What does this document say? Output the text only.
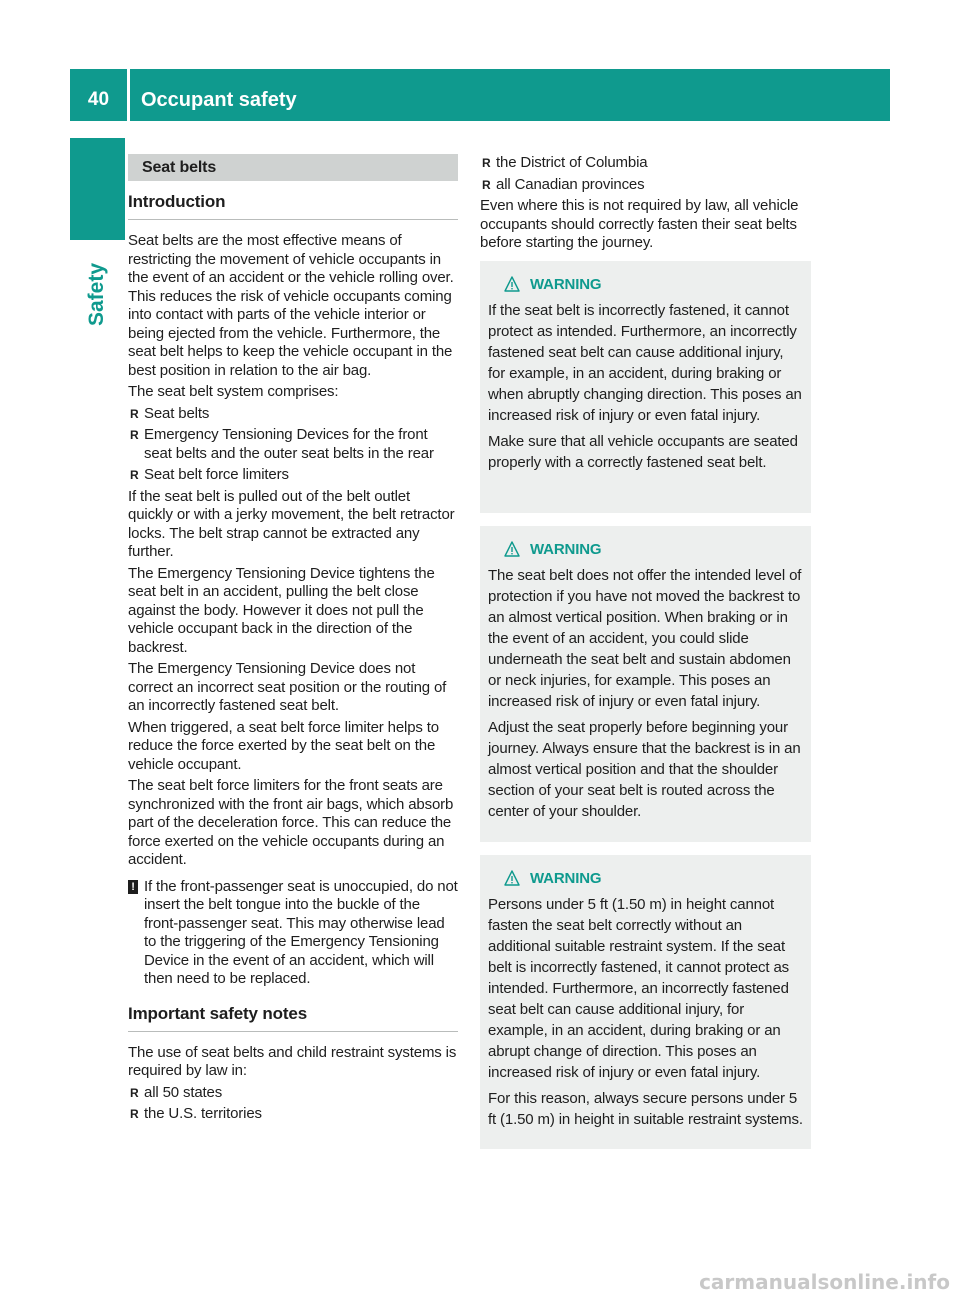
40	Occupant safety
Safety
Seat belts
Introduction

Seat belts are the most effective means of restricting the movement of vehicle occupants in the event of an accident or the vehicle rolling over. This reduces the risk of vehicle occupants coming into contact with parts of the vehicle interior or being ejected from the vehicle. Furthermore, the seat belt helps to keep the vehicle occupant in the best position in relation to the air bag.

The seat belt system comprises:

R Seat belts
R Emergency Tensioning Devices for the front seat belts and the outer seat belts in the rear
R Seat belt force limiters

If the seat belt is pulled out of the belt outlet quickly or with a jerky movement, the belt retractor locks. The belt strap cannot be extracted any further.

The Emergency Tensioning Device tightens the seat belt in an accident, pulling the belt close against the body. However it does not pull the vehicle occupant back in the direction of the backrest.

The Emergency Tensioning Device does not correct an incorrect seat position or the routing of an incorrectly fastened seat belt.

When triggered, a seat belt force limiter helps to reduce the force exerted by the seat belt on the vehicle occupant.

The seat belt force limiters for the front seats are synchronized with the front air bags, which absorb part of the deceleration force. This can reduce the force exerted on the vehicle occupants during an accident.

! If the front-passenger seat is unoccupied, do not insert the belt tongue into the buckle of the front-passenger seat. This may otherwise lead to the triggering of the Emergency Tensioning Device in the event of an accident, which will then need to be replaced.
Important safety notes

The use of seat belts and child restraint systems is required by law in:

R all 50 states
R the U.S. territories
R the District of Columbia
R all Canadian provinces

Even where this is not required by law, all vehicle occupants should correctly fasten their seat belts before starting the journey.

WARNING

If the seat belt is incorrectly fastened, it cannot protect as intended. Furthermore, an incorrectly fastened seat belt can cause additional injury, for example, in an accident, during braking or when abruptly changing direction. This poses an increased risk of injury or even fatal injury.

Make sure that all vehicle occupants are seated properly with a correctly fastened seat belt.

WARNING

The seat belt does not offer the intended level of protection if you have not moved the backrest to an almost vertical position. When braking or in the event of an accident, you could slide underneath the seat belt and sustain abdomen or neck injuries, for example. This poses an increased risk of injury or even fatal injury.

Adjust the seat properly before beginning your journey. Always ensure that the backrest is in an almost vertical position and that the shoulder section of your seat belt is routed across the center of your shoulder.

WARNING

Persons under 5 ft (1.50 m) in height cannot fasten the seat belt correctly without an additional suitable restraint system. If the seat belt is incorrectly fastened, it cannot protect as intended. Furthermore, an incorrectly fastened seat belt can cause additional injury, for example, in an accident, during braking or an abrupt change of direction. This poses an increased risk of injury or even fatal injury.

For this reason, always secure persons under 5 ft (1.50 m) in height in suitable restraint systems.

carmanualsonline.info
